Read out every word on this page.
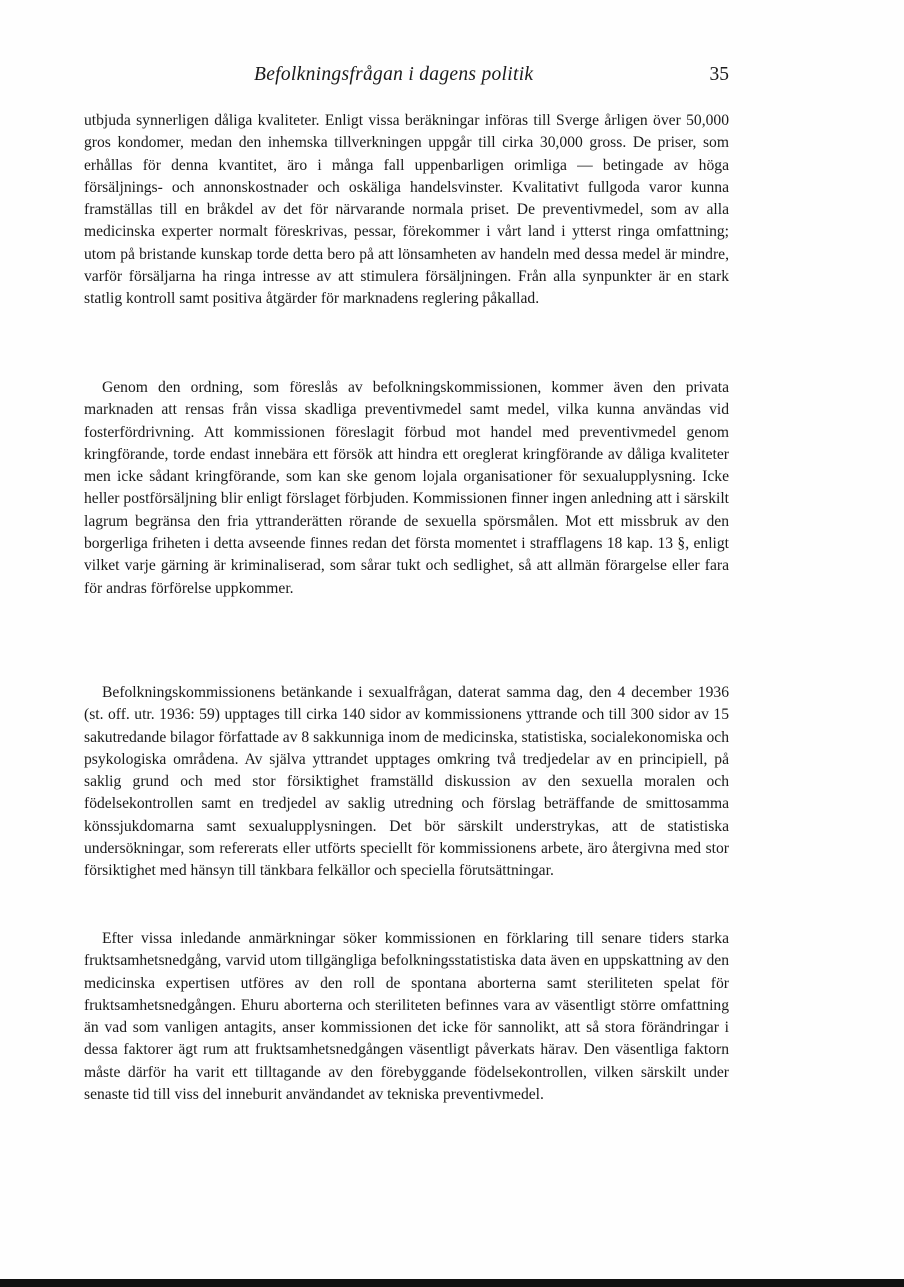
Befolkningsfrågan i dagens politik	35

utbjuda synnerligen dåliga kvaliteter. Enligt vissa beräkningar införas till Sverge årligen över 50,000 gros kondomer, medan den inhemska tillverkningen uppgår till cirka 30,000 gross. De priser, som erhållas för denna kvantitet, äro i många fall uppenbarligen orimliga — betingade av höga försäljnings- och annonskostnader och oskäliga handelsvinster. Kvalitativt fullgoda varor kunna framställas till en bråkdel av det för närvarande normala priset. De preventivmedel, som av alla medicinska experter normalt föreskrivas, pessar, förekommer i vårt land i ytterst ringa omfattning; utom på bristande kunskap torde detta bero på att lönsamheten av handeln med dessa medel är mindre, varför försäljarna ha ringa intresse av att stimulera försäljningen. Från alla synpunkter är en stark statlig kontroll samt positiva åtgärder för marknadens reglering påkallad.

Genom den ordning, som föreslås av befolkningskommissionen, kommer även den privata marknaden att rensas från vissa skadliga preventivmedel samt medel, vilka kunna användas vid fosterfördrivning. Att kommissionen föreslagit förbud mot handel med preventivmedel genom kringförande, torde endast innebära ett försök att hindra ett oreglerat kringförande av dåliga kvaliteter men icke sådant kringförande, som kan ske genom lojala organisationer för sexualupplysning. Icke heller postförsäljning blir enligt förslaget förbjuden. Kommissionen finner ingen anledning att i särskilt lagrum begränsa den fria yttranderätten rörande de sexuella spörsmålen. Mot ett missbruk av den borgerliga friheten i detta avseende finnes redan det första momentet i strafflagens 18 kap. 13 §, enligt vilket varje gärning är kriminaliserad, som sårar tukt och sedlighet, så att allmän förargelse eller fara för andras förförelse uppkommer.

Befolkningskommissionens betänkande i sexualfrågan, daterat samma dag, den 4 december 1936 (st. off. utr. 1936: 59) upptages till cirka 140 sidor av kommissionens yttrande och till 300 sidor av 15 sakutredande bilagor författade av 8 sakkunniga inom de medicinska, statistiska, socialekonomiska och psykologiska områdena. Av själva yttrandet upptages omkring två tredjedelar av en principiell, på saklig grund och med stor försiktighet framställd diskussion av den sexuella moralen och födelsekontrollen samt en tredjedel av saklig utredning och förslag beträffande de smittosamma könssjukdomarna samt sexualupplysningen. Det bör särskilt understrykas, att de statistiska undersökningar, som refererats eller utförts speciellt för kommissionens arbete, äro återgivna med stor försiktighet med hänsyn till tänkbara felkällor och speciella förutsättningar.

Efter vissa inledande anmärkningar söker kommissionen en förklaring till senare tiders starka fruktsamhetsnedgång, varvid utom tillgängliga befolkningsstatistiska data även en uppskattning av den medicinska expertisen utföres av den roll de spontana aborterna samt steriliteten spelat för fruktsamhetsnedgången. Ehuru aborterna och steriliteten befinnes vara av väsentligt större omfattning än vad som vanligen antagits, anser kommissionen det icke för sannolikt, att så stora förändringar i dessa faktorer ägt rum att fruktsamhetsnedgången väsentligt påverkats härav. Den väsentliga faktorn måste därför ha varit ett tilltagande av den förebyggande födelsekontrollen, vilken särskilt under senaste tid till viss del inneburit användandet av tekniska preventivmedel.
